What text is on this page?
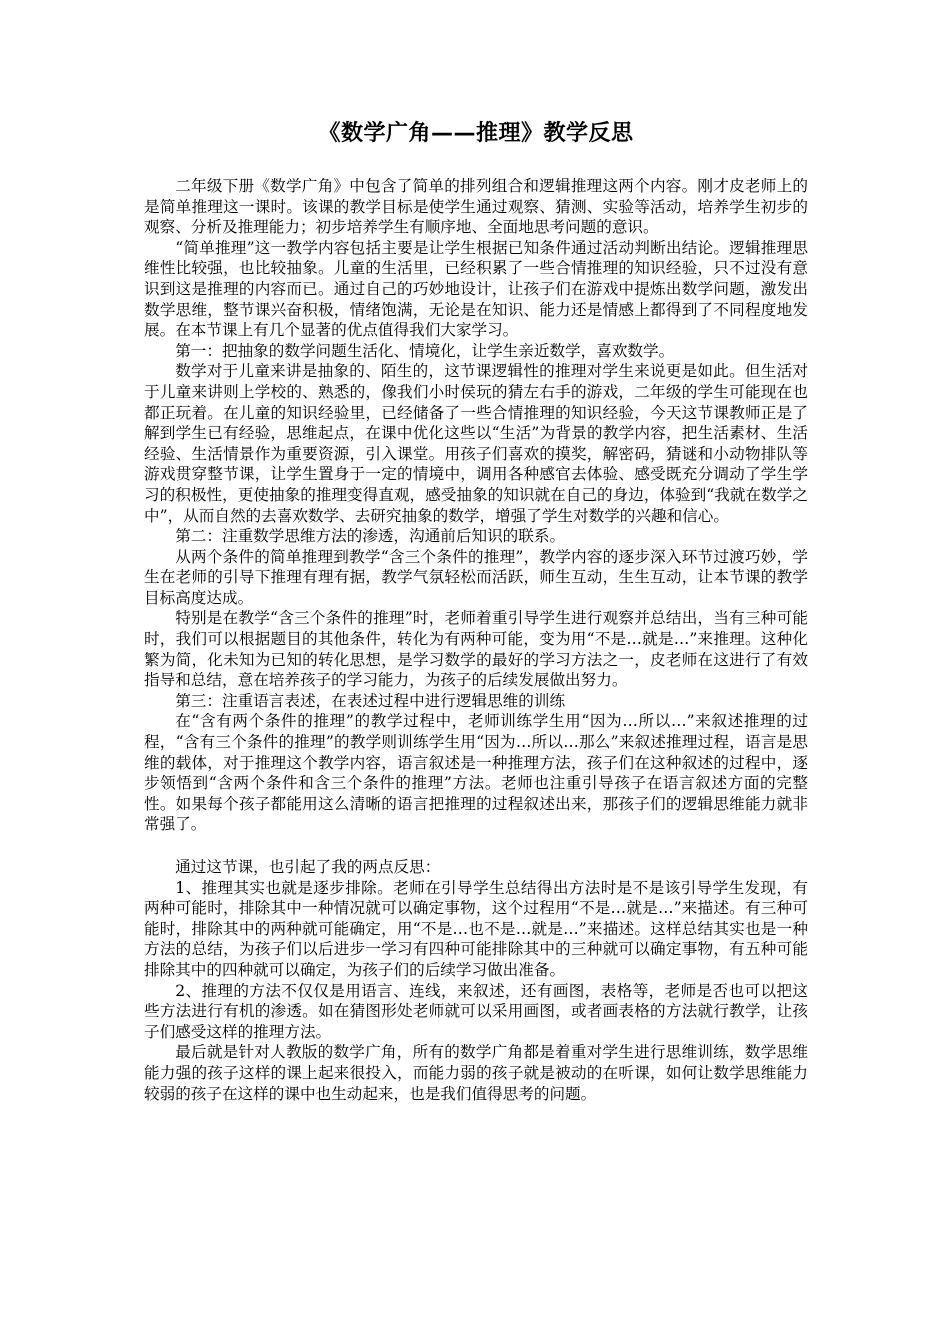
《数学广角——推理》教学反思

二年级下册《数学广角》中包含了简单的排列组合和逻辑推理这两个内容。刚才皮老师上的是简单推理这一课时。该课的教学目标是使学生通过观察、猜测、实验等活动，培养学生初步的观察、分析及推理能力；初步培养学生有顺序地、全面地思考问题的意识。

“简单推理”这一教学内容包括主要是让学生根据已知条件通过活动判断出结论。逻辑推理思维性比较强，也比较抽象。儿童的生活里，已经积累了一些合情推理的知识经验，只不过没有意识到这是推理的内容而已。通过自己的巧妙地设计，让孩子们在游戏中提炼出数学问题，激发出数学思维，整节课兴奋积极，情绪饱满，无论是在知识、能力还是情感上都得到了不同程度地发展。在本节课上有几个显著的优点值得我们大家学习。

第一：把抽象的数学问题生活化、情境化，让学生亲近数学，喜欢数学。

数学对于儿童来讲是抽象的、陌生的，这节课逻辑性的推理对学生来说更是如此。但生活对于儿童来讲则上学校的、熟悉的，像我们小时侯玩的猜左右手的游戏，二年级的学生可能现在也都正玩着。在儿童的知识经验里，已经储备了一些合情推理的知识经验，今天这节课教师正是了解到学生已有经验，思维起点，在课中优化这些以“生活”为背景的教学内容，把生活素材、生活经验、生活情景作为重要资源，引入课堂。用孩子们喜欢的摸奖，解密码，猜谜和小动物排队等游戏贯穿整节课，让学生置身于一定的情境中，调用各种感官去体验、感受既充分调动了学生学习的积极性，更使抽象的推理变得直观，感受抽象的知识就在自己的身边，体验到“我就在数学之中”，从而自然的去喜欢数学、去研究抽象的数学，增强了学生对数学的兴趣和信心。

第二：注重数学思维方法的渗透，沟通前后知识的联系。

从两个条件的简单推理到教学“含三个条件的推理”，教学内容的逐步深入环节过渡巧妙，学生在老师的引导下推理有理有据，教学气氛轻松而活跃，师生互动，生生互动，让本节课的教学目标高度达成。

特别是在教学“含三个条件的推理”时，老师着重引导学生进行观察并总结出，当有三种可能时，我们可以根据题目的其他条件，转化为有两种可能，变为用“不是…就是…”来推理。这种化繁为简，化未知为已知的转化思想，是学习数学的最好的学习方法之一，皮老师在这进行了有效指导和总结，意在培养孩子的学习能力，为孩子的后续发展做出努力。

第三：注重语言表述，在表述过程中进行逻辑思维的训练

在“含有两个条件的推理”的教学过程中，老师训练学生用“因为…所以…”来叙述推理的过程，“含有三个条件的推理”的教学则训练学生用“因为…所以…那么”来叙述推理过程，语言是思维的载体，对于推理这个教学内容，语言叙述是一种推理方法，孩子们在这种叙述的过程中，逐步领悟到“含两个条件和含三个条件的推理”方法。老师也注重引导孩子在语言叙述方面的完整性。如果每个孩子都能用这么清晰的语言把推理的过程叙述出来，那孩子们的逻辑思维能力就非常强了。

通过这节课，也引起了我的两点反思：

1、推理其实也就是逐步排除。老师在引导学生总结得出方法时是不是该引导学生发现，有两种可能时，排除其中一种情况就可以确定事物，这个过程用“不是…就是…”来描述。有三种可能时，排除其中的两种就可能确定，用“不是…也不是…就是…”来描述。这样总结其实也是一种方法的总结，为孩子们以后进步一学习有四种可能排除其中的三种就可以确定事物，有五种可能排除其中的四种就可以确定，为孩子们的后续学习做出准备。

2、推理的方法不仅仅是用语言、连线，来叙述，还有画图，表格等，老师是否也可以把这些方法进行有机的渗透。如在猜图形处老师就可以采用画图，或者画表格的方法就行教学，让孩子们感受这样的推理方法。

最后就是针对人教版的数学广角，所有的数学广角都是着重对学生进行思维训练，数学思维能力强的孩子这样的课上起来很投入，而能力弱的孩子就是被动的在听课，如何让数学思维能力较弱的孩子在这样的课中也生动起来，也是我们值得思考的问题。
